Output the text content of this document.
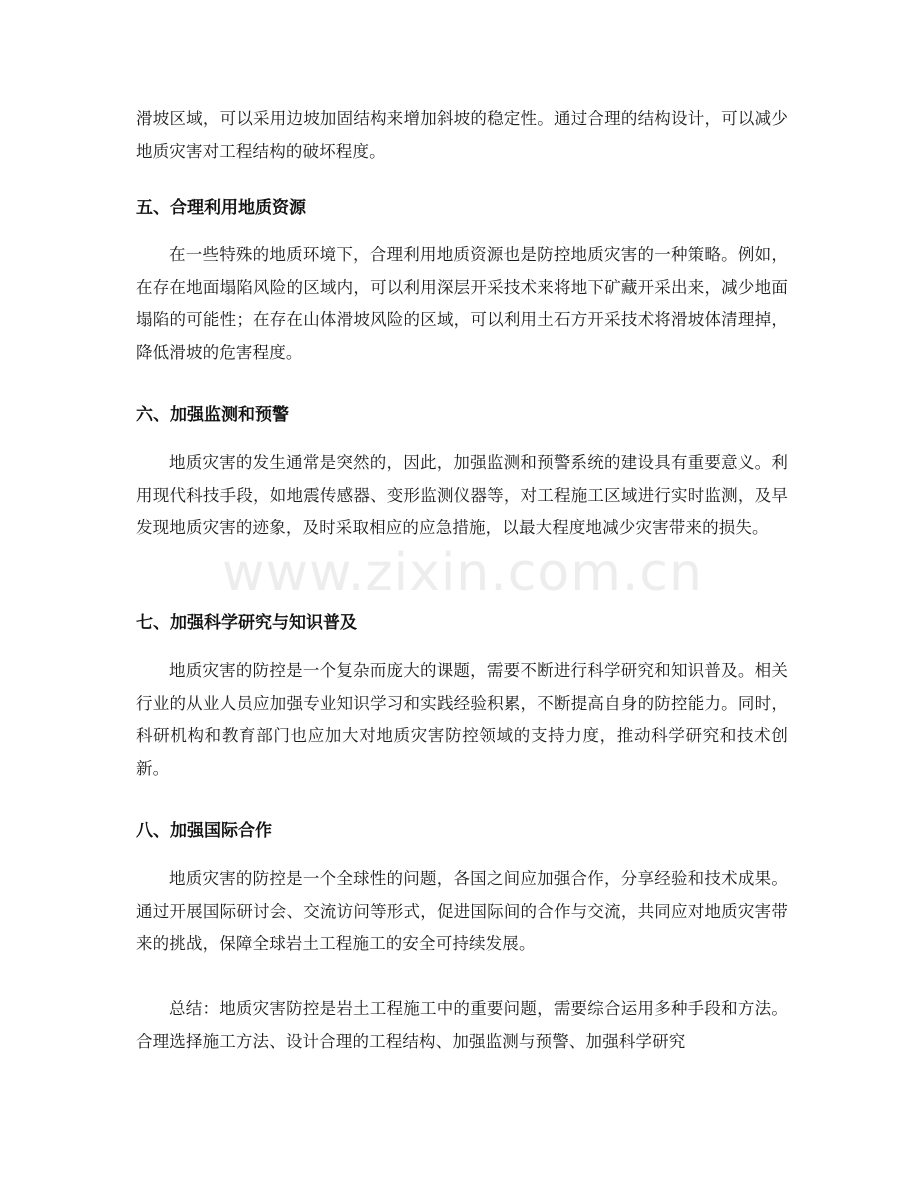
滑坡区域，可以采用边坡加固结构来增加斜坡的稳定性。通过合理的结构设计，可以减少地质灾害对工程结构的破坏程度。

五、合理利用地质资源

在一些特殊的地质环境下，合理利用地质资源也是防控地质灾害的一种策略。例如，在存在地面塌陷风险的区域内，可以利用深层开采技术来将地下矿藏开采出来，减少地面塌陷的可能性；在存在山体滑坡风险的区域，可以利用土石方开采技术将滑坡体清理掉，降低滑坡的危害程度。

六、加强监测和预警

地质灾害的发生通常是突然的，因此，加强监测和预警系统的建设具有重要意义。利用现代科技手段，如地震传感器、变形监测仪器等，对工程施工区域进行实时监测，及早发现地质灾害的迹象，及时采取相应的应急措施，以最大程度地减少灾害带来的损失。

七、加强科学研究与知识普及

地质灾害的防控是一个复杂而庞大的课题，需要不断进行科学研究和知识普及。相关行业的从业人员应加强专业知识学习和实践经验积累，不断提高自身的防控能力。同时，科研机构和教育部门也应加大对地质灾害防控领域的支持力度，推动科学研究和技术创新。

八、加强国际合作

地质灾害的防控是一个全球性的问题，各国之间应加强合作，分享经验和技术成果。通过开展国际研讨会、交流访问等形式，促进国际间的合作与交流，共同应对地质灾害带来的挑战，保障全球岩土工程施工的安全可持续发展。

总结：地质灾害防控是岩土工程施工中的重要问题，需要综合运用多种手段和方法。合理选择施工方法、设计合理的工程结构、加强监测与预警、加强科学研究

www.zixin.com.cn
